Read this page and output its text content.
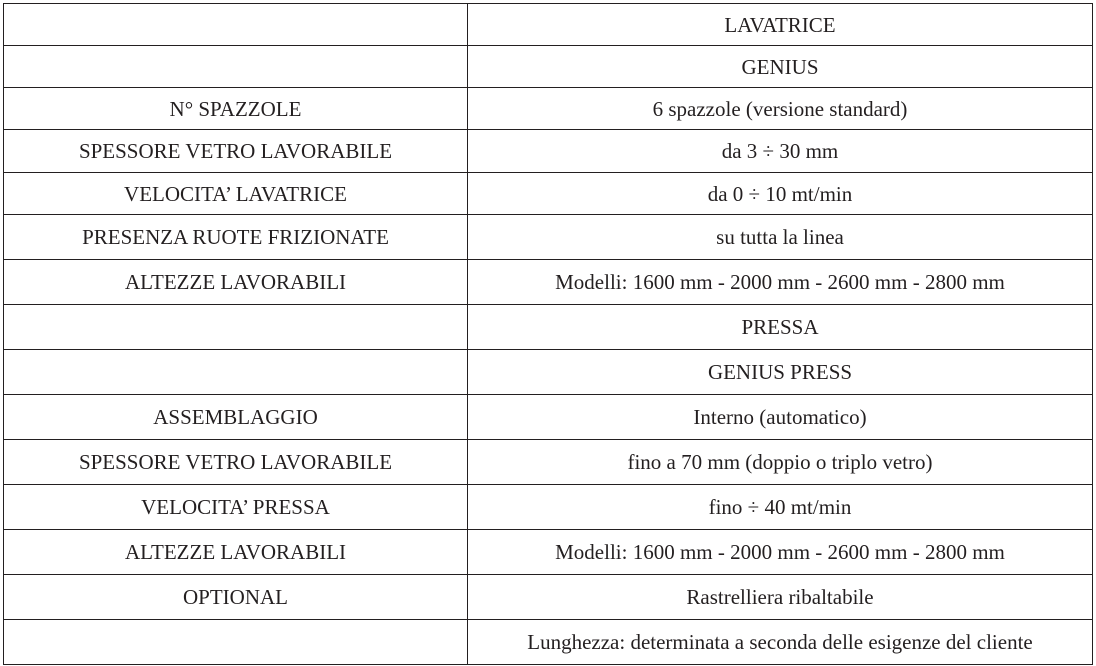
	LAVATRICE
	GENIUS
N° SPAZZOLE	6 spazzole (versione standard)
SPESSORE VETRO LAVORABILE	da 3 ÷ 30 mm
VELOCITA’ LAVATRICE	da 0 ÷ 10 mt/min
PRESENZA RUOTE FRIZIONATE	su tutta la linea
ALTEZZE LAVORABILI	Modelli: 1600 mm - 2000 mm - 2600 mm - 2800 mm
	PRESSA
	GENIUS PRESS
ASSEMBLAGGIO	Interno (automatico)
SPESSORE VETRO LAVORABILE	fino a 70 mm (doppio o triplo vetro)
VELOCITA’ PRESSA	fino ÷ 40 mt/min
ALTEZZE LAVORABILI	Modelli: 1600 mm - 2000 mm - 2600 mm - 2800 mm
OPTIONAL	Rastrelliera ribaltabile
	Lunghezza: determinata a seconda delle esigenze del cliente
